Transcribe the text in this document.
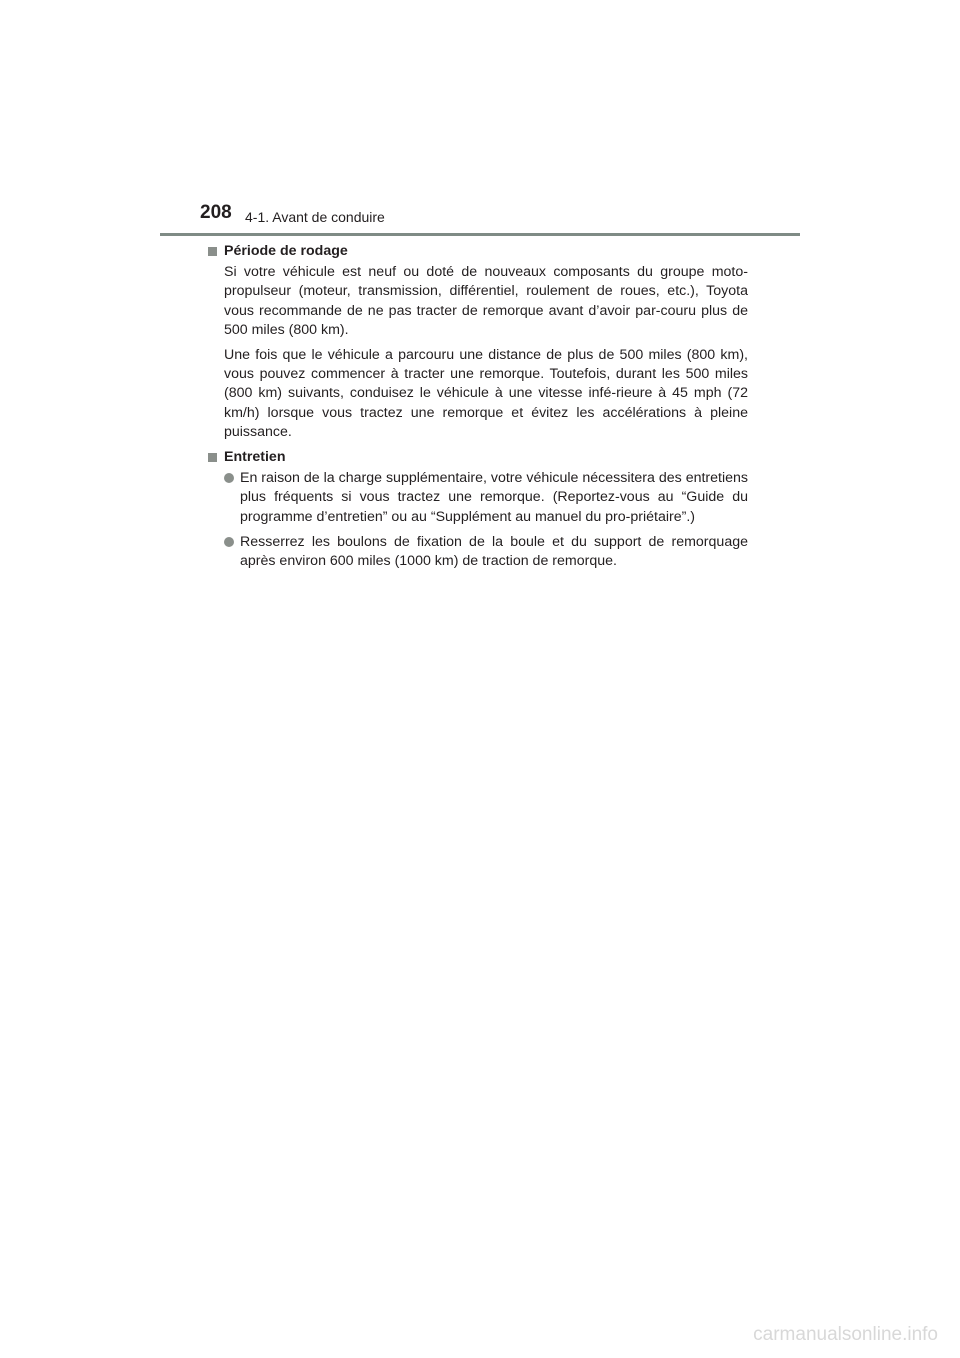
208 4-1. Avant de conduire
Période de rodage

Si votre véhicule est neuf ou doté de nouveaux composants du groupe moto-propulseur (moteur, transmission, différentiel, roulement de roues, etc.), Toyota vous recommande de ne pas tracter de remorque avant d’avoir par-couru plus de 500 miles (800 km).

Une fois que le véhicule a parcouru une distance de plus de 500 miles (800 km), vous pouvez commencer à tracter une remorque. Toutefois, durant les 500 miles (800 km) suivants, conduisez le véhicule à une vitesse infé-rieure à 45 mph (72 km/h) lorsque vous tractez une remorque et évitez les accélérations à pleine puissance.

Entretien
En raison de la charge supplémentaire, votre véhicule nécessitera des entretiens plus fréquents si vous tractez une remorque. (Reportez-vous au “Guide du programme d’entretien” ou au “Supplément au manuel du pro-priétaire”.)
Resserrez les boulons de fixation de la boule et du support de remorquage après environ 600 miles (1000 km) de traction de remorque.
carmanualsonline.info
